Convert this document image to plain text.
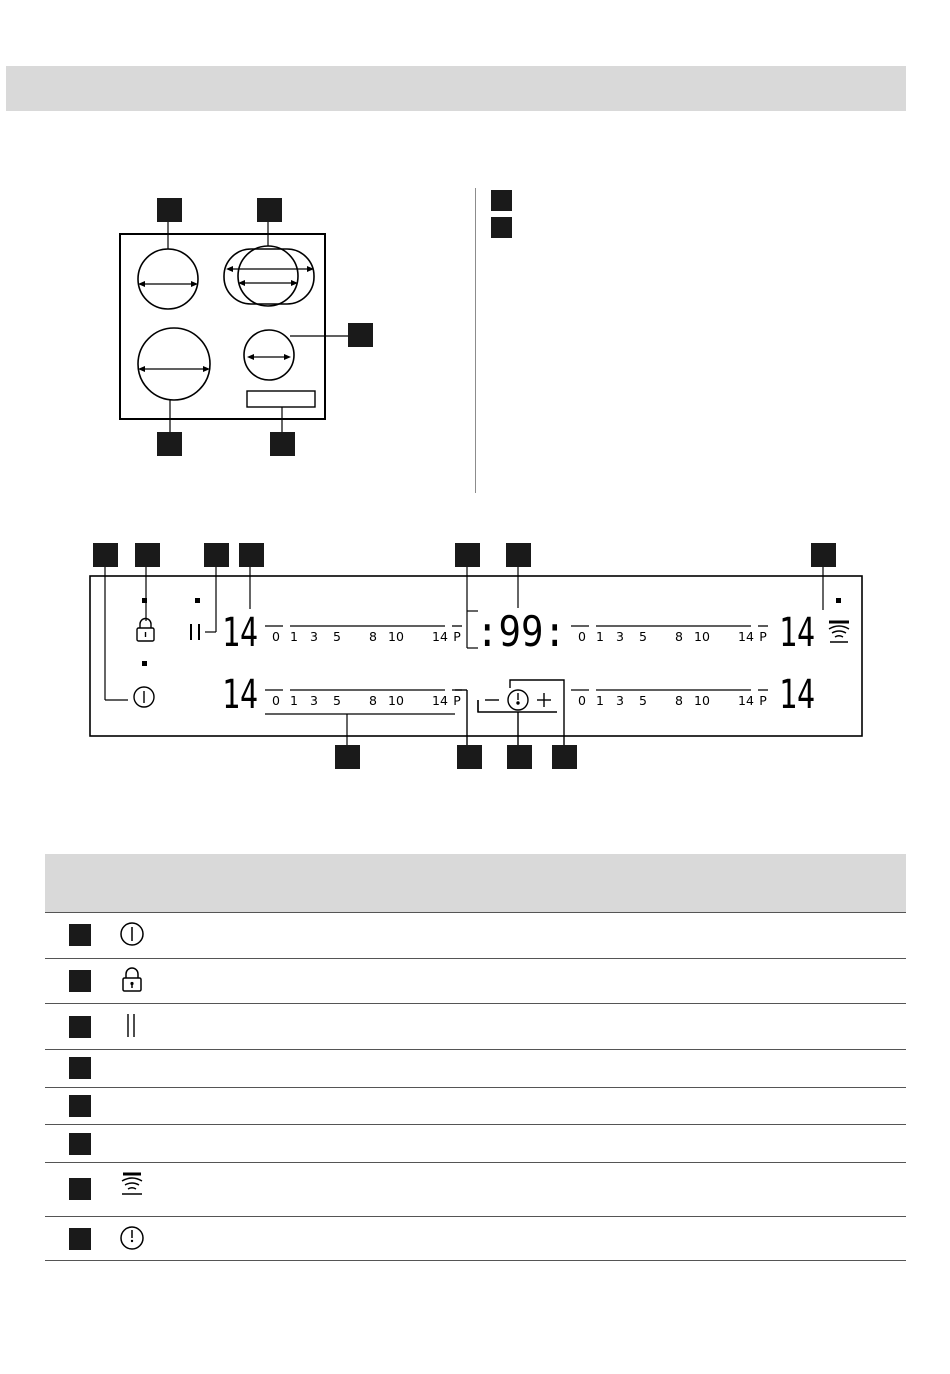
0 1 3 5 8 10 14 P	0 1 3 5 8 10 14 P
0 1 3 5 8 10 14 P	0 1 3 5 8 10 14 P
14	14
14	14
:99:
